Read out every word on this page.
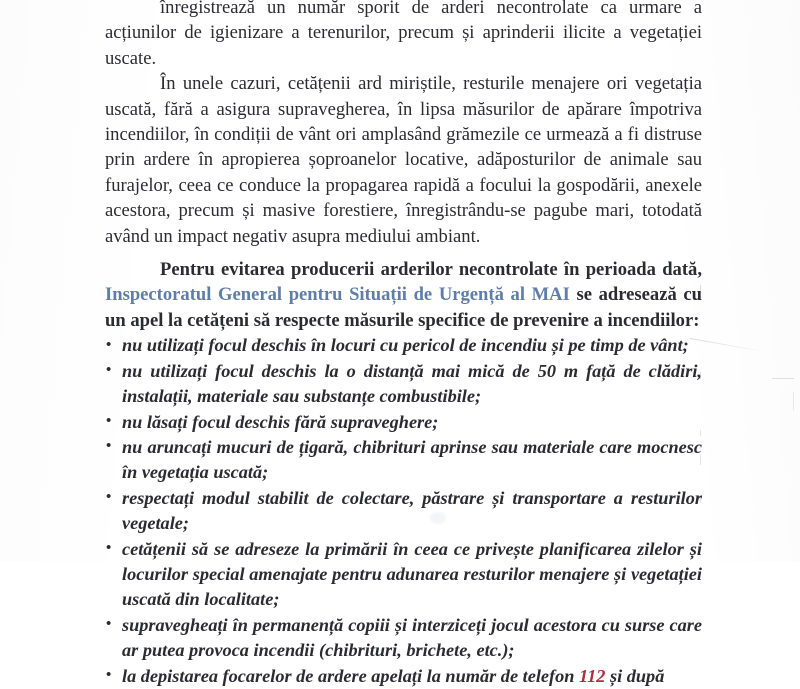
înregistrează un număr sporit de arderi necontrolate ca urmare a acțiunilor de igienizare a terenurilor, precum și aprinderii ilicite a vegetației uscate.

În unele cazuri, cetățenii ard miriștile, resturile menajere ori vegetația uscată, fără a asigura supravegherea, în lipsa măsurilor de apărare împotriva incendiilor, în condiții de vânt ori amplasând grămezile ce urmează a fi distruse prin ardere în apropierea șoproanelor locative, adăposturilor de animale sau furajelor, ceea ce conduce la propagarea rapidă a focului la gospodării, anexele acestora, precum și masive forestiere, înregistrându-se pagube mari, totodată având un impact negativ asupra mediului ambiant.

Pentru evitarea producerii arderilor necontrolate în perioada dată, Inspectoratul General pentru Situații de Urgență al MAI se adresează cu un apel la cetățeni să respecte măsurile specifice de prevenire a incendiilor:

• nu utilizați focul deschis în locuri cu pericol de incendiu și pe timp de vânt;
• nu utilizați focul deschis la o distanță mai mică de 50 m față de clădiri, instalații, materiale sau substanțe combustibile;
• nu lăsați focul deschis fără supraveghere;
• nu aruncați mucuri de țigară, chibrituri aprinse sau materiale care mocnesc în vegetația uscată;
• respectați modul stabilit de colectare, păstrare și transportare a resturilor vegetale;
• cetățenii să se adreseze la primării în ceea ce privește planificarea zilelor și locurilor special amenajate pentru adunarea resturilor menajere și vegetației uscată din localitate;
• supravegheați în permanență copiii și interziceți jocul acestora cu surse care ar putea provoca incendii (chibrituri, brichete, etc.);
• la depistarea focarelor de ardere apelați la număr de telefon 112 și după
